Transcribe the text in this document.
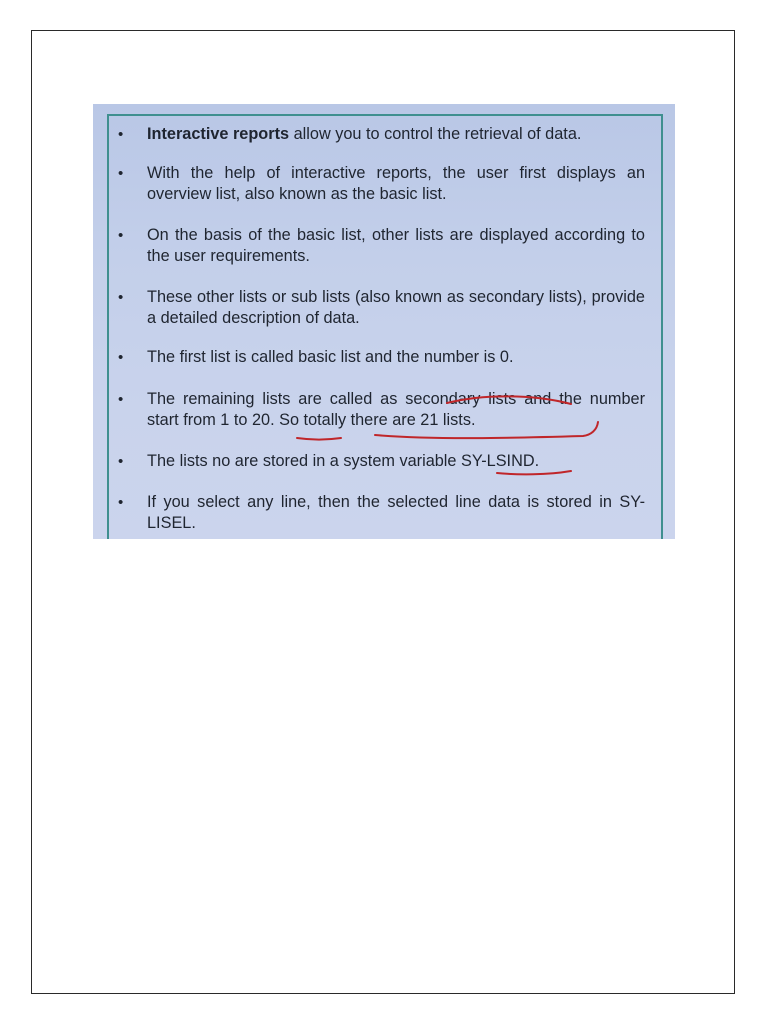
• Interactive reports allow you to control the retrieval of data.
• With the help of interactive reports, the user first displays an overview list, also known as the basic list.
• On the basis of the basic list, other lists are displayed according to the user requirements.
• These other lists or sub lists (also known as secondary lists), provide a detailed description of data.
• The first list is called basic list and the number is 0.
• The remaining lists are called as secondary lists and the number start from 1 to 20. So totally there are 21 lists.
• The lists no are stored in a system variable SY-LSIND.
• If you select any line, then the selected line data is stored in SY-LISEL.
